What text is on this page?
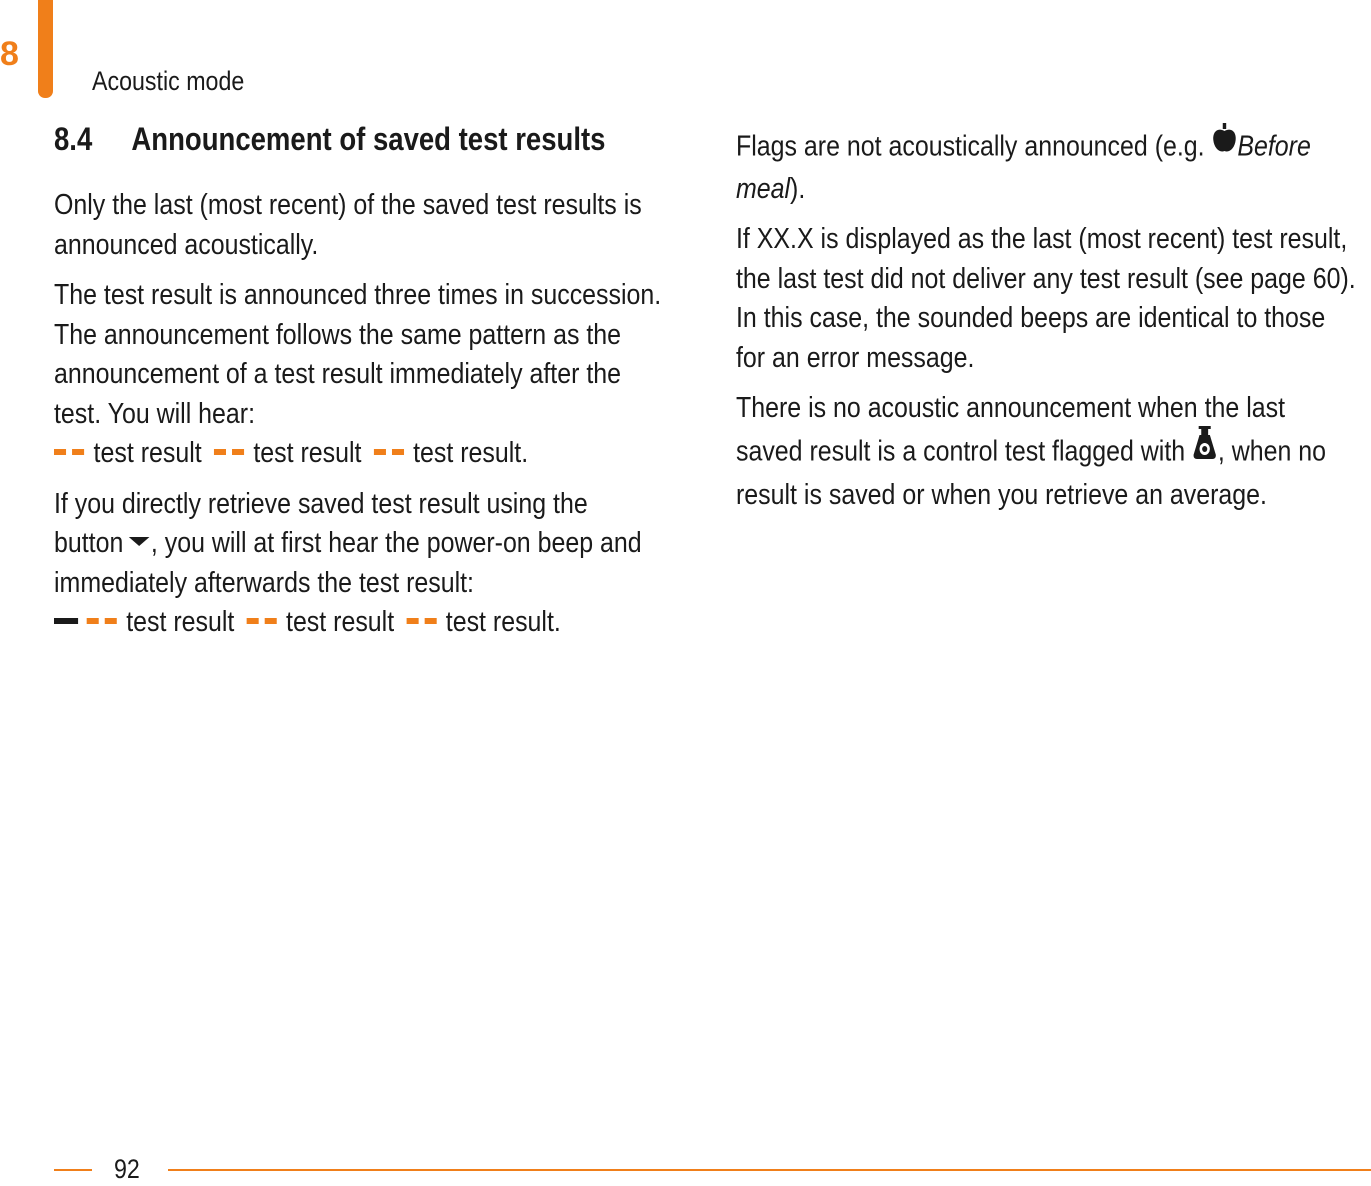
8
Acoustic mode
8.4	Announcement of saved test results
Only the last (most recent) of the saved test results is
announced acoustically.
The test result is announced three times in succession.
The announcement follows the same pattern as the
announcement of a test result immediately after the
test. You will hear:
test result test result test result.
If you directly retrieve saved test result using the
button , you will at first hear the power-on beep and
immediately afterwards the test result:
test result test result test result.
Flags are not acoustically announced (e.g. Before
meal).
If XX.X is displayed as the last (most recent) test result,
the last test did not deliver any test result (see page 60).
In this case, the sounded beeps are identical to those
for an error message.
There is no acoustic announcement when the last
saved result is a control test flagged with , when no
result is saved or when you retrieve an average.
92
